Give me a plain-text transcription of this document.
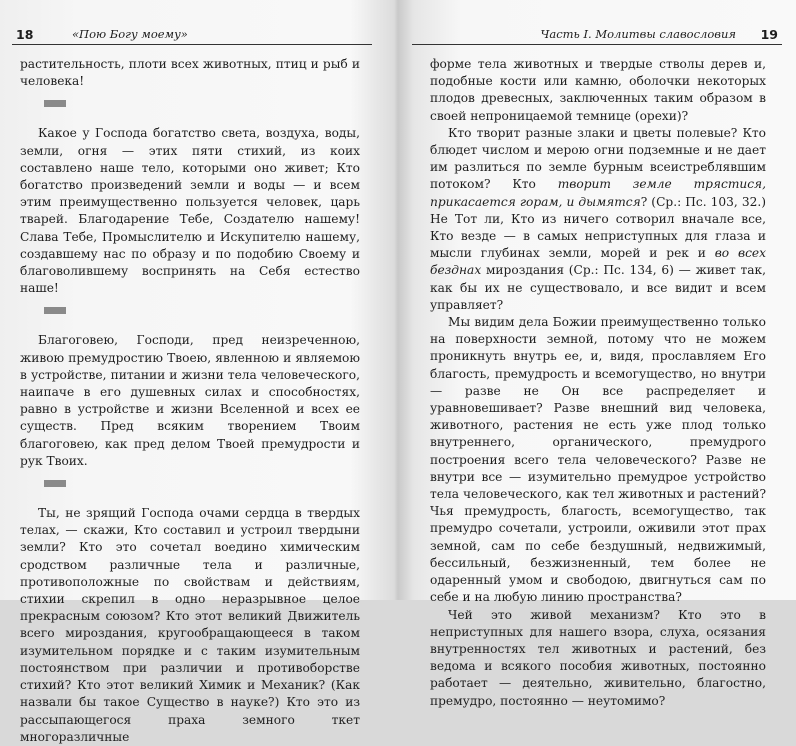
18	«Пою Богу моему»

растительность, плоти всех животных, птиц и рыб и человека!

Какое у Господа богатство света, воздуха, воды, земли, огня — этих пяти стихий, из коих составлено наше тело, которыми оно живет; Кто богатство произведений земли и воды — и всем этим преимущественно пользуется человек, царь тварей. Благодарение Тебе, Создателю нашему! Слава Тебе, Промыслителю и Искупителю нашему, создавшему нас по образу и по подобию Своему и благоволившему воспринять на Себя естество наше!

Благоговею, Господи, пред неизреченною, живою премудростию Твоею, явленною и являемою в устройстве, питании и жизни тела человеческого, наипаче в его душевных силах и способностях, равно в устройстве и жизни Вселенной и всех ее существ. Пред всяким творением Твоим благоговею, как пред делом Твоей премудрости и рук Твоих.

Ты, не зрящий Господа очами сердца в твердых телах, — скажи, Кто составил и устроил твердыни земли? Кто это сочетал воедино химическим сродством различные тела и различные, противоположные по свойствам и действиям, стихии скрепил в одно неразрывное целое прекрасным союзом? Кто этот великий Движитель всего мироздания, кругообращающееся в таком изумительном порядке и с таким изумительным постоянством при различии и противоборстве стихий? Кто этот великий Химик и Механик? (Как назвали бы такое Существо в науке?) Кто это из рассыпающегося праха земного ткет многоразличные

Часть I. Молитвы славословия 19

форме тела животных и твердые стволы дерев и, подобные кости или камню, оболочки некоторых плодов древесных, заключенных таким образом в своей непроницаемой темнице (орехи)?

Кто творит разные злаки и цветы полевые? Кто блюдет числом и мерою огни подземные и не дает им разлиться по земле бурным всеистреблявшим потоком? Кто творит земле трястися, прикасается горам, и дымятся? (Ср.: Пс. 103, 32.) Не Тот ли, Кто из ничего сотворил вначале все, Кто везде — в самых неприступных для глаза и мысли глубинах земли, морей и рек и во всех безднах мироздания (Ср.: Пс. 134, 6) — живет так, как бы их не существовало, и все видит и всем управляет?

Мы видим дела Божии преимущественно только на поверхности земной, потому что не можем проникнуть внутрь ее, и, видя, прославляем Его благость, премудрость и всемогущество, но внутри — разве не Он все распределяет и уравновешивает? Разве внешний вид человека, животного, растения не есть уже плод только внутреннего, органического, премудрого построения всего тела человеческого? Разве не внутри все — изумительно премудрое устройство тела человеческого, как тел животных и растений? Чья премудрость, благость, всемогущество, так премудро сочетали, устроили, оживили этот прах земной, сам по себе бездушный, недвижимый, бессильный, безжизненный, тем более не одаренный умом и свободою, двигнуться сам по себе и на любую линию пространства?

Чей это живой механизм? Кто это в неприступных для нашего взора, слуха, осязания внутренностях тел животных и растений, без ведома и всякого пособия животных, постоянно работает — деятельно, живительно, благостно, премудро, постоянно — неутомимо?
